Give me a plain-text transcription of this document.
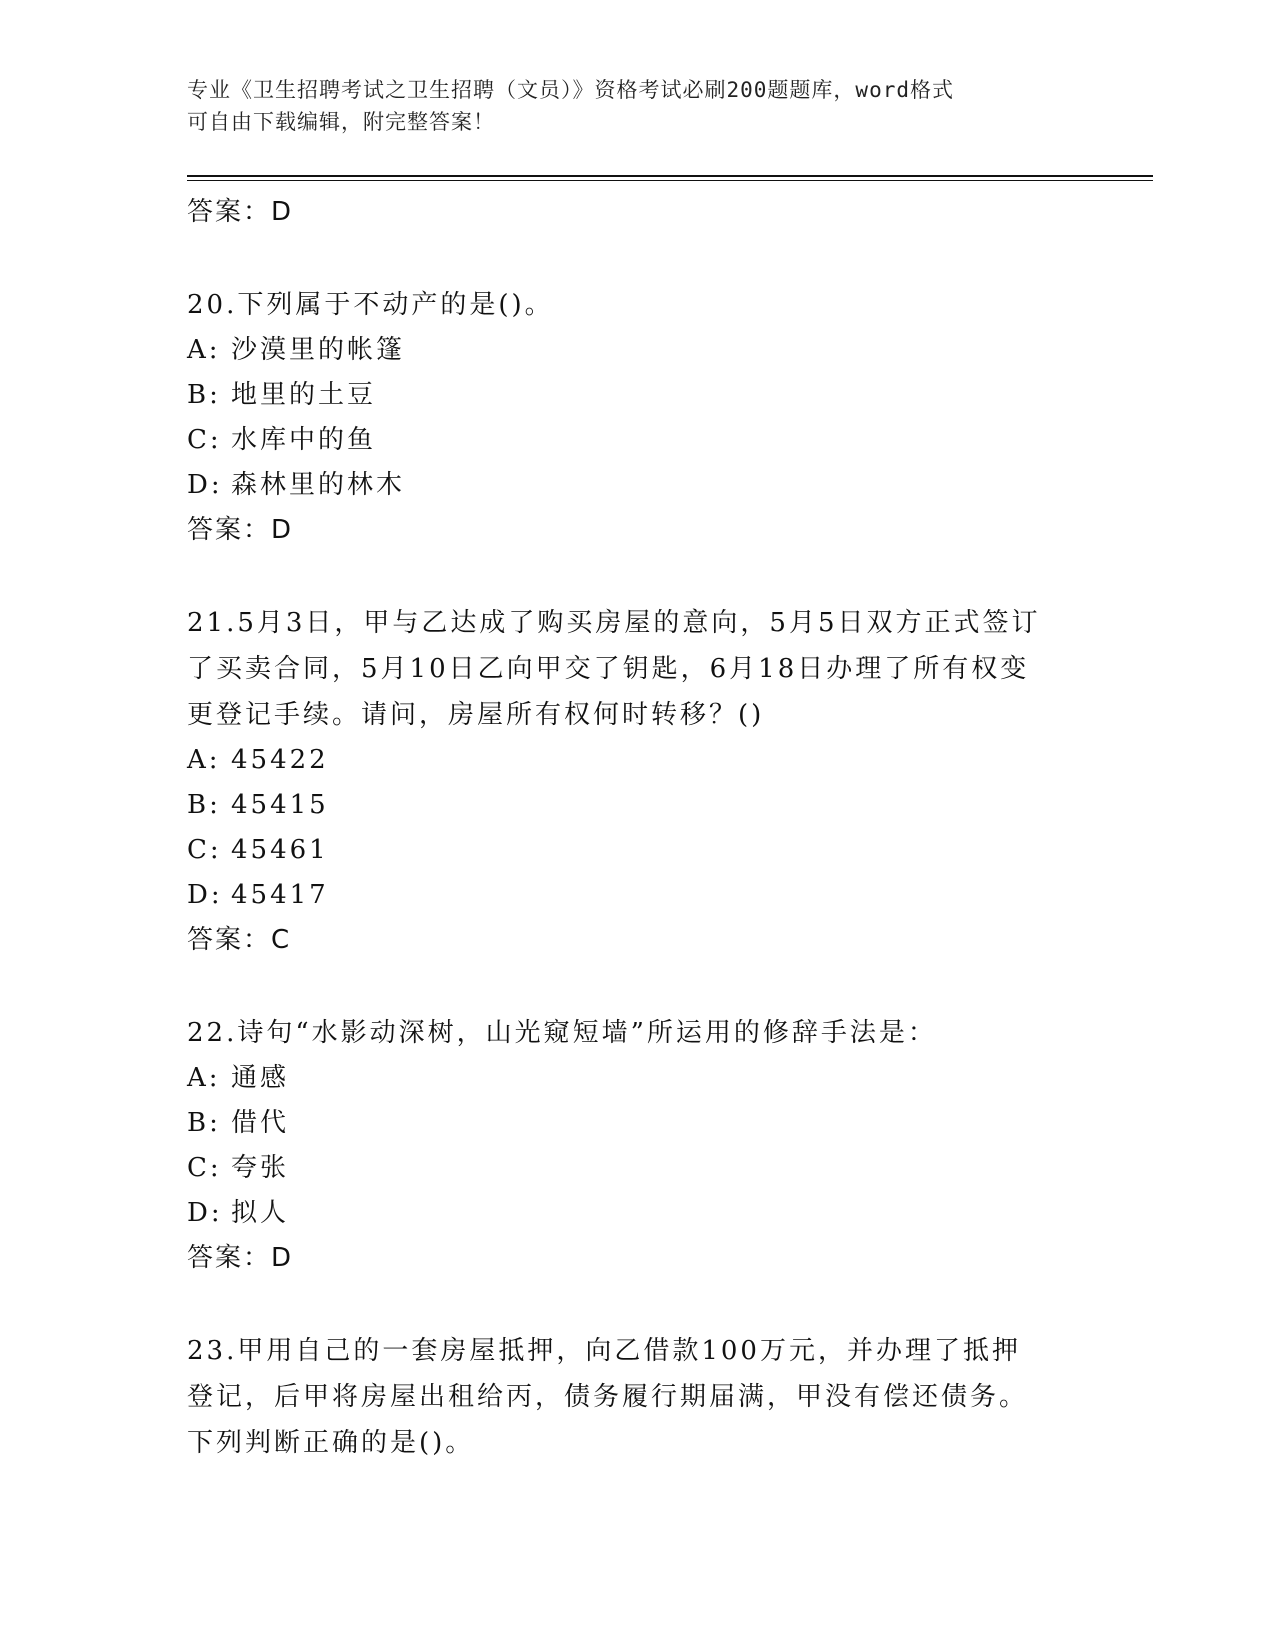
专业《卫生招聘考试之卫生招聘（文员）》资格考试必刷200题题库，word格式
可自由下载编辑，附完整答案！
答案：D

20.下列属于不动产的是()。

A: 沙漠里的帐篷
B: 地里的土豆
C: 水库中的鱼
D: 森林里的林木
答案：D

21.5月3日，甲与乙达成了购买房屋的意向，5月5日双方正式签订了买卖合同，5月10日乙向甲交了钥匙，6月18日办理了所有权变更登记手续。请问，房屋所有权何时转移？()

A: 45422
B: 45415
C: 45461
D: 45417
答案：C

22.诗句“水影动深树，山光窥短墙”所运用的修辞手法是：

A: 通感
B: 借代
C: 夸张
D: 拟人
答案：D

23.甲用自己的一套房屋抵押，向乙借款100万元，并办理了抵押登记，后甲将房屋出租给丙，债务履行期届满，甲没有偿还债务。下列判断正确的是()。
